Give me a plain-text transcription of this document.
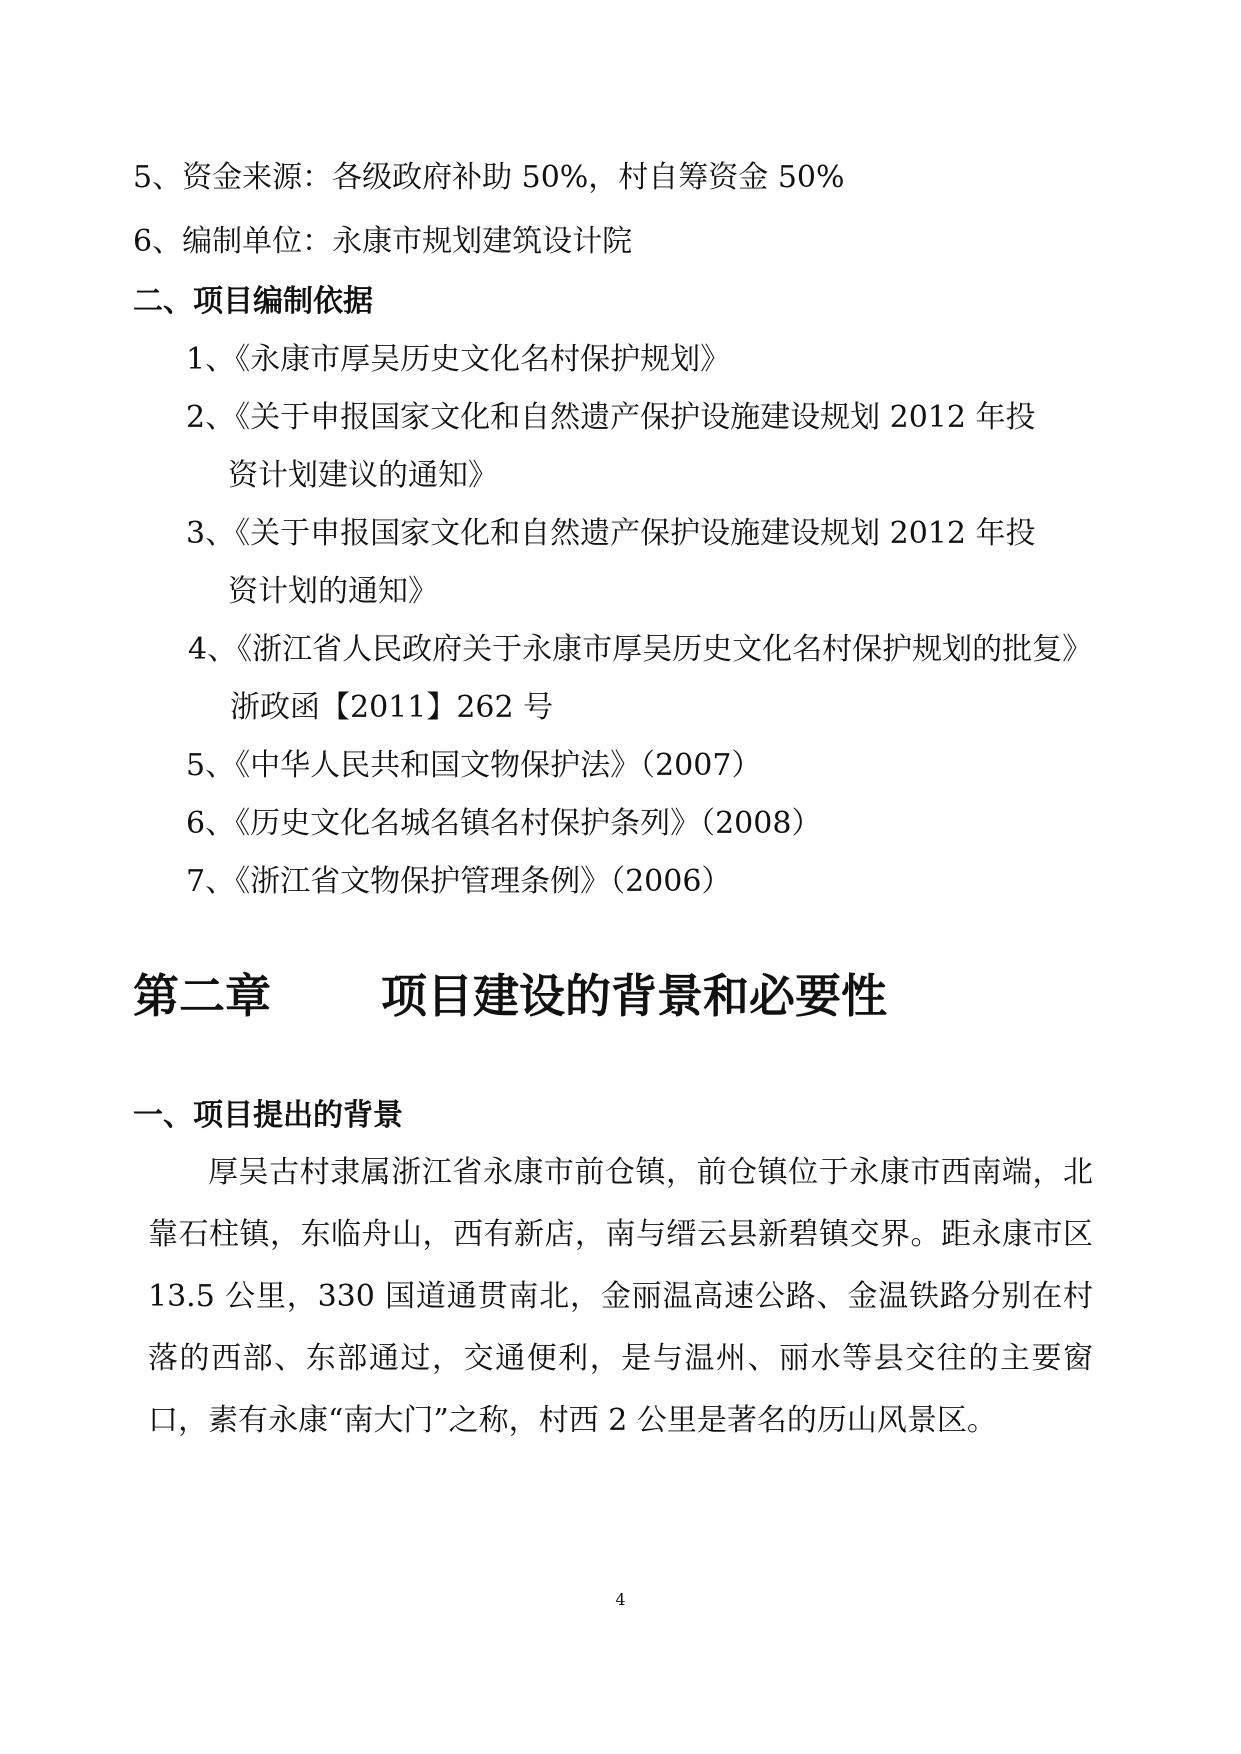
5、资金来源：各级政府补助 50%，村自筹资金 50%
6、编制单位：永康市规划建筑设计院
二、项目编制依据
1、《永康市厚吴历史文化名村保护规划》
2、《关于申报国家文化和自然遗产保护设施建设规划 2012 年投
资计划建议的通知》
3、《关于申报国家文化和自然遗产保护设施建设规划 2012 年投
资计划的通知》
4、《浙江省人民政府关于永康市厚吴历史文化名村保护规划的批复》
浙政函【2011】262 号
5、《中华人民共和国文物保护法》（2007）
6、《历史文化名城名镇名村保护条列》（2008）
7、《浙江省文物保护管理条例》（2006）
第二章 项目建设的背景和必要性
一、项目提出的背景
厚吴古村隶属浙江省永康市前仓镇，前仓镇位于永康市西南端，北靠石柱镇，东临舟山，西有新店，南与缙云县新碧镇交界。距永康市区 13.5 公里，330 国道通贯南北，金丽温高速公路、金温铁路分别在村落的西部、东部通过，交通便利，是与温州、丽水等县交往的主要窗口，素有永康“南大门”之称，村西 2 公里是著名的历山风景区。
4
